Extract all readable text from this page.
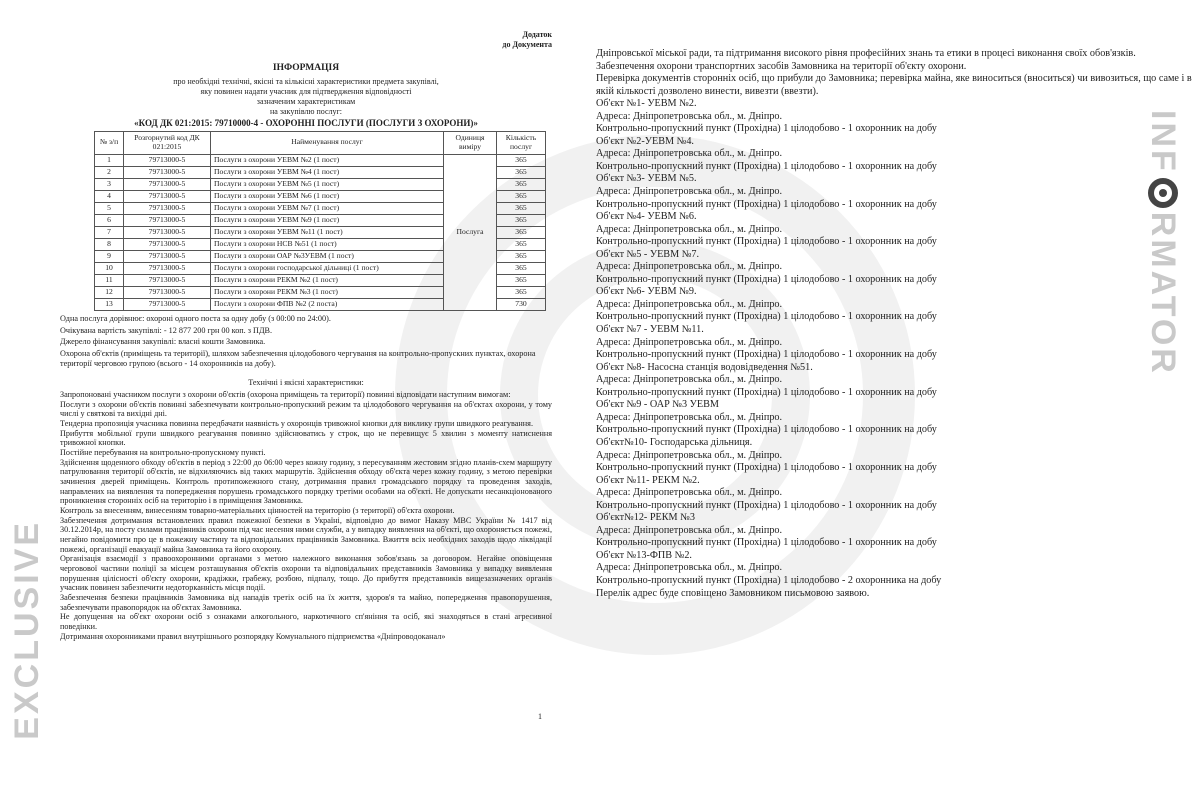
INFRMATOR
EXCLUSIVE
Додаток
до Документа
ІНФОРМАЦІЯ
про необхідні технічні, якісні та кількісні характеристики предмета закупівлі,
яку повинен надати учасник для підтвердження відповідності
зазначеним характеристикам
на закупівлю послуг:
«КОД ДК 021:2015: 79710000-4 - ОХОРОННІ ПОСЛУГИ (ПОСЛУГИ З ОХОРОНИ)»
№ з/п	Розгорнутий код ДК 021:2015	Найменування послуг	Одиниця виміру	Кількість послуг
1	79713000-5	Послуги з охорони УЕВМ №2 (1 пост)	Послуга	365
2	79713000-5	Послуги з охорони УЕВМ №4 (1 пост)		365
3	79713000-5	Послуги з охорони УЕВМ №5 (1 пост)		365
4	79713000-5	Послуги з охорони УЕВМ №6 (1 пост)		365
5	79713000-5	Послуги з охорони УЕВМ №7 (1 пост)		365
6	79713000-5	Послуги з охорони УЕВМ №9 (1 пост)		365
7	79713000-5	Послуги з охорони УЕВМ №11 (1 пост)		365
8	79713000-5	Послуги з охорони НСВ №51 (1 пост)		365
9	79713000-5	Послуги з охорони ОАР №3УЕВМ (1 пост)		365
10	79713000-5	Послуги з охорони господарської дільниці (1 пост)		365
11	79713000-5	Послуги з охорони РЕКМ №2 (1 пост)		365
12	79713000-5	Послуги з охорони РЕКМ №3 (1 пост)		365
13	79713000-5	Послуги з охорони ФПВ №2 (2 поста)		730

Одна послуга дорівнює: охороні одного поста за одну добу (з 00:00 по 24:00).

Очікувана вартість закупівлі: - 12 877 200 грн 00 коп. з ПДВ.

Джерело фінансування закупівлі: власні кошти Замовника.

Охорона об'єктів (приміщень та території), шляхом забезпечення цілодобового чергування на контрольно-пропускних пунктах, охорона території черговою групою (всього - 14 охоронників на добу).

Технічні і якісні характеристики:

Запропоновані учасником послуги з охорони об'єктів (охорона приміщень та території) повинні відповідати наступним вимогам:

Послуги з охорони об'єктів повинні забезпечувати контрольно-пропускний режим та цілодобового чергування на об'єктах охорони, у тому числі у святкові та вихідні дні.

Тендерна пропозиція учасника повинна передбачати наявність у охоронців тривожної кнопки для виклику групи швидкого реагування.

Прибуття мобільної групи швидкого реагування повинно здійснюватись у строк, що не перевищує 5 хвилин з моменту натиснення тривожної кнопки.

Постійне перебування на контрольно-пропускному пункті.

Здійснення щоденного обходу об'єктів в період з 22:00 до 06:00 через кожну годину, з пересуванням жестовим згідно планів-схем маршруту патрулювання території об'єктів, не відхиляючись від таких маршрутів. Здійснення обходу об'єкта через кожну годину, з метою перевірки зачинення дверей приміщень. Контроль протипожежного стану, дотримання правил громадського порядку та проведення заходів, направлених на виявлення та попередження порушень громадського порядку третіми особами на об'єкті. Не допускати несанкціонованого проникнення сторонніх осіб на територію і в приміщення Замовника.

Контроль за внесенням, винесенням товарно-матеріальних цінностей на територію (з території) об'єкта охорони.

Забезпечення дотримання встановлених правил пожежної безпеки в Україні, відповідно до вимог Наказу МВС України № 1417 від 30.12.2014р, на посту силами працівників охорони під час несення ними служби, а у випадку виявлення на об'єкті, що охороняється пожежі, негайно повідомити про це в пожежну частину та відповідальних працівників Замовника. Вжиття всіх необхідних заходів щодо ліквідації пожежі, організації евакуації майна Замовника та його охорону.

Організація взаємодії з правоохоронними органами з метою належного виконання зобов'язань за договором. Негайне оповіщення черговової частини поліції за місцем розташування об'єктів охорони та відповідальних представників Замовника у випадку виявлення порушення цілісності об'єкту охорони, крадіжки, грабежу, розбою, підпалу, тощо. До прибуття представників вищезазначених органів учасник повинен забезпечити недоторканність місця події.

Забезпечення безпеки працівників Замовника від нападів третіх осіб на їх життя, здоров'я та майно, попередження правопорушення, забезпечувати правопорядок на об'єктах Замовника.

Не допущення на об'єкт охорони осіб з ознаками алкогольного, наркотичного сп'яніння та осіб, які знаходяться в стані агресивної поведінки.

Дотримання охоронниками правил внутрішнього розпорядку Комунального підприємства «Дніпроводоканал»

1

Дніпровської міської ради, та підтримання високого рівня професійних знань та етики в процесі виконання своїх обов'язків.

Забезпечення охорони транспортних засобів Замовника на території об'єкту охорони.

Перевірка документів сторонніх осіб, що прибули до Замовника; перевірка майна, яке виноситься (вноситься) чи вивозиться, що саме і в якій кількості дозволено винести, вивезти (ввезти).

Об'єкт №1- УЕВМ №2.

Адреса: Дніпропетровська обл., м. Дніпро.

Контрольно-пропускний пункт (Прохідна) 1 цілодобово - 1 охоронник на добу

Об'єкт №2-УЕВМ №4.

Адреса: Дніпропетровська обл., м. Дніпро.

Контрольно-пропускний пункт (Прохідна) 1 цілодобово - 1 охоронник на добу

Об'єкт №3- УЕВМ №5.

Адреса: Дніпропетровська обл., м. Дніпро.

Контрольно-пропускний пункт (Прохідна) 1 цілодобово - 1 охоронник на добу

Об'єкт №4- УЕВМ №6.

Адреса: Дніпропетровська обл., м. Дніпро.

Контрольно-пропускний пункт (Прохідна) 1 цілодобово - 1 охоронник на добу

Об'єкт №5 - УЕВМ №7.

Адреса: Дніпропетровська обл., м. Дніпро.

Контрольно-пропускний пункт (Прохідна) 1 цілодобово - 1 охоронник на добу

Об'єкт №6- УЕВМ №9.

Адреса: Дніпропетровська обл., м. Дніпро.

Контрольно-пропускний пункт (Прохідна) 1 цілодобово - 1 охоронник на добу

Об'єкт №7 - УЕВМ №11.

Адреса: Дніпропетровська обл., м. Дніпро.

Контрольно-пропускний пункт (Прохідна) 1 цілодобово - 1 охоронник на добу

Об'єкт №8- Насосна станція водовідведення №51.

Адреса: Дніпропетровська обл., м. Дніпро.

Контрольно-пропускний пункт (Прохідна) 1 цілодобово - 1 охоронник на добу

Об'єкт №9 - ОАР №3 УЕВМ

Адреса: Дніпропетровська обл., м. Дніпро.

Контрольно-пропускний пункт (Прохідна) 1 цілодобово - 1 охоронник на добу

Об'єкт№10- Господарська дільниця.

Адреса: Дніпропетровська обл., м. Дніпро.

Контрольно-пропускний пункт (Прохідна) 1 цілодобово - 1 охоронник на добу

Об'єкт №11- РЕКМ №2.

Адреса: Дніпропетровська обл., м. Дніпро.

Контрольно-пропускний пункт (Прохідна) 1 цілодобово - 1 охоронник на добу

Об'єкт№12- РЕКМ №3

Адреса: Дніпропетровська обл., м. Дніпро.

Контрольно-пропускний пункт (Прохідна) 1 цілодобово - 1 охоронник на добу

Об'єкт №13-ФПВ №2.

Адреса: Дніпропетровська обл., м. Дніпро.

Контрольно-пропускний пункт (Прохідна) 1 цілодобово - 2 охоронника на добу

Перелік адрес буде сповіщено Замовником письмовою заявою.
